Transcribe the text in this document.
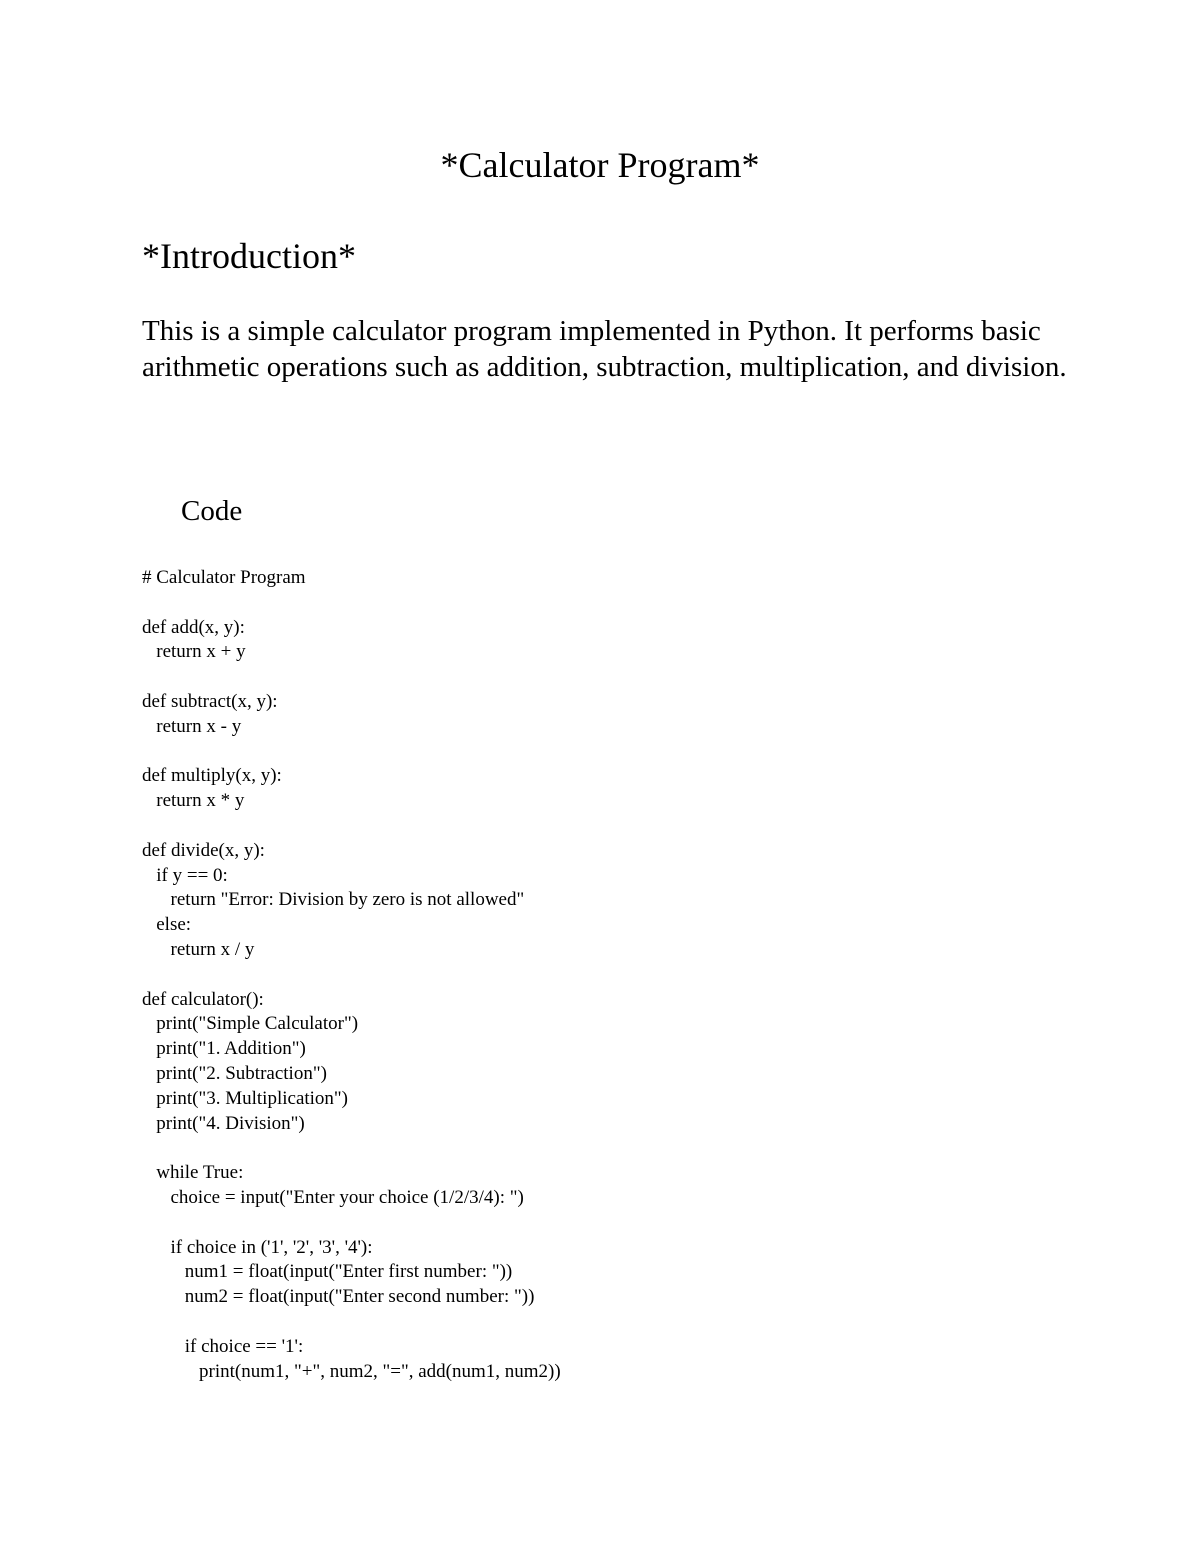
*Calculator Program*
*Introduction*

This is a simple calculator program implemented in Python. It performs basic arithmetic operations such as addition, subtraction, multiplication, and division.

Code
# Calculator Program
def add(x, y):
return x + y
def subtract(x, y):
return x - y
def multiply(x, y):
return x * y
def divide(x, y):
if y == 0:
return "Error: Division by zero is not allowed"
else:
return x / y
def calculator():
print("Simple Calculator")
print("1. Addition")
print("2. Subtraction")
print("3. Multiplication")
print("4. Division")
while True:
choice = input("Enter your choice (1/2/3/4): ")
if choice in ('1', '2', '3', '4'):
num1 = float(input("Enter first number: "))
num2 = float(input("Enter second number: "))
if choice == '1':
print(num1, "+", num2, "=", add(num1, num2))
